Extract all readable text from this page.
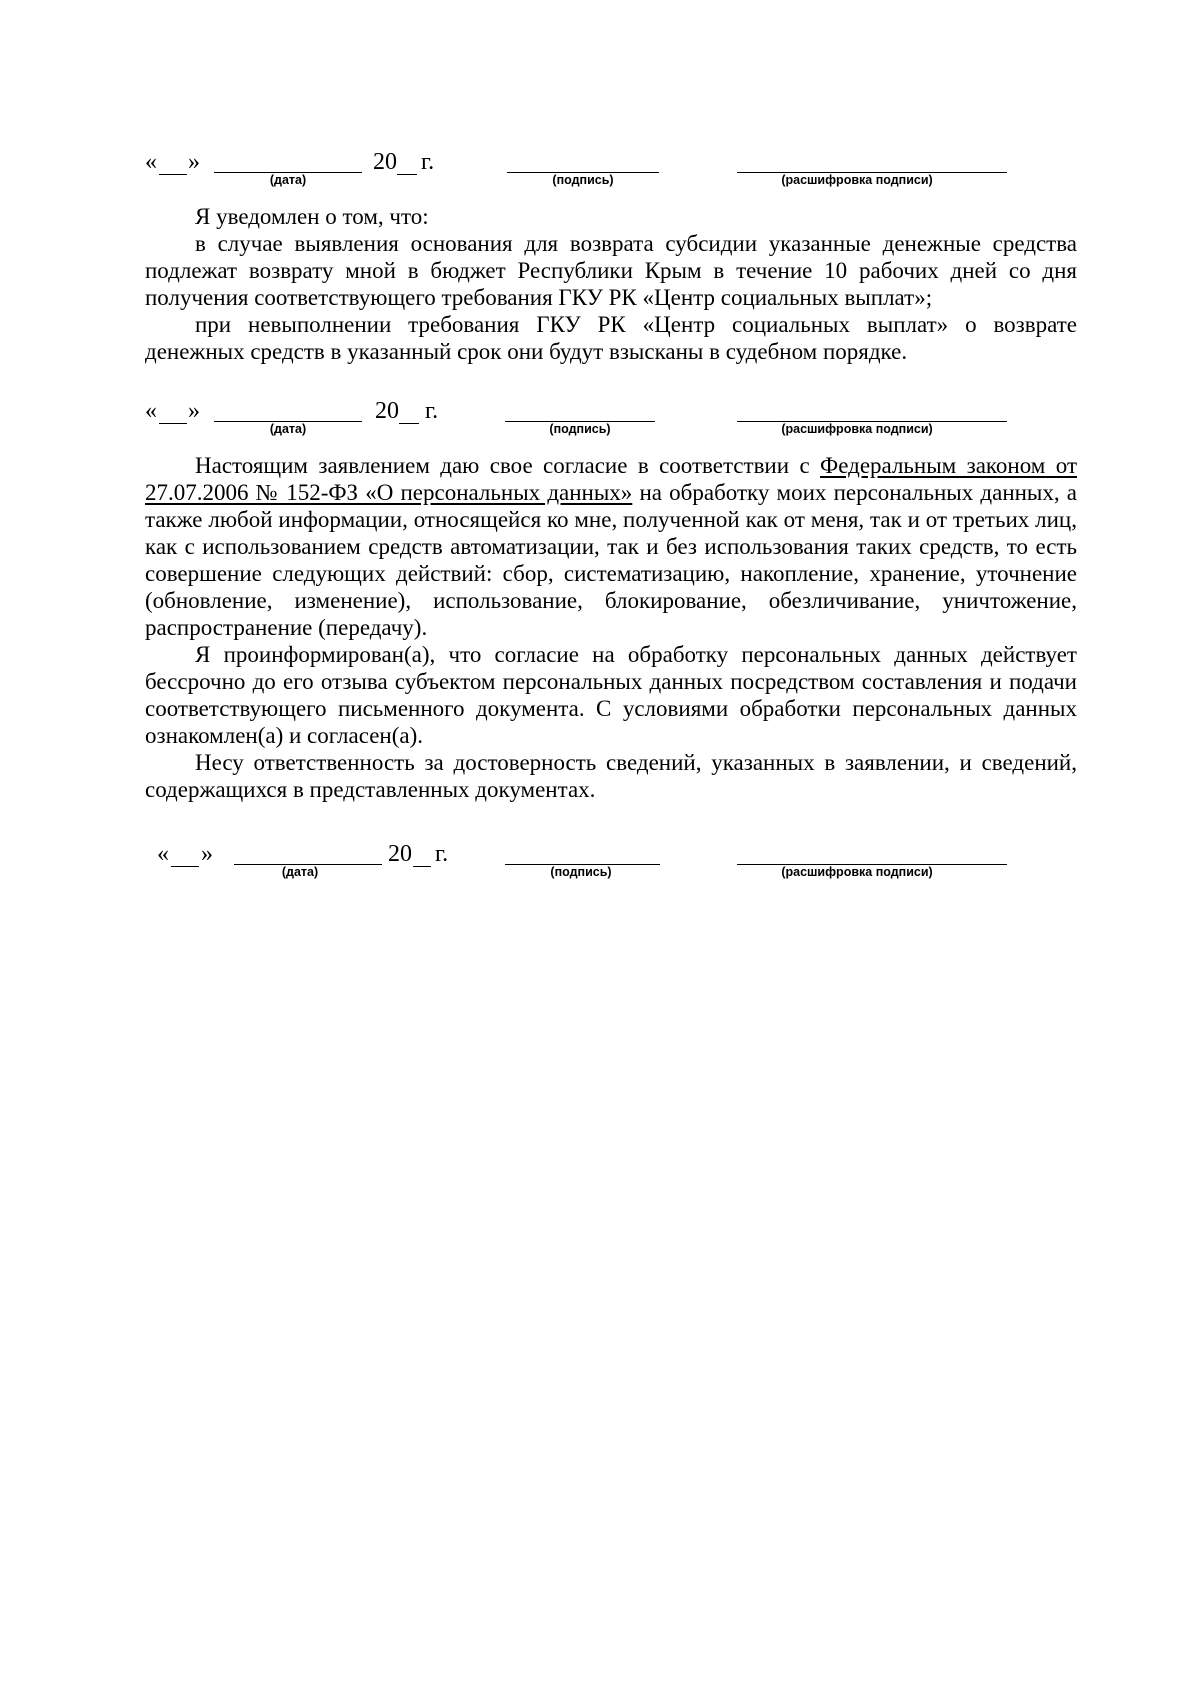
« »	20 г.
(дата)	(подпись)	(расшифровка подписи)

Я уведомлен о том, что:

в случае выявления основания для возврата субсидии указанные денежные средства подлежат возврату мной в бюджет Республики Крым в течение 10 рабочих дней со дня получения соответствующего требования ГКУ РК «Центр социальных выплат»;

при невыполнении требования ГКУ РК «Центр социальных выплат» о возврате денежных средств в указанный срок они будут взысканы в судебном порядке.

« »	20 г.
(дата)	(подпись)	(расшифровка подписи)

Настоящим заявлением даю свое согласие в соответствии с Федеральным законом от 27.07.2006 № 152-ФЗ «О персональных данных» на обработку моих персональных данных, а также любой информации, относящейся ко мне, полученной как от меня, так и от третьих лиц, как с использованием средств автоматизации, так и без использования таких средств, то есть совершение следующих действий: сбор, систематизацию, накопление, хранение, уточнение (обновление, изменение), использование, блокирование, обезличивание, уничтожение, распространение (передачу).

Я проинформирован(а), что согласие на обработку персональных данных действует бессрочно до его отзыва субъектом персональных данных посредством составления и подачи соответствующего письменного документа. С условиями обработки персональных данных ознакомлен(а) и согласен(а).

Несу ответственность за достоверность сведений, указанных в заявлении, и сведений, содержащихся в представленных документах.

« »	20 г.
(дата)	(подпись)	(расшифровка подписи)
